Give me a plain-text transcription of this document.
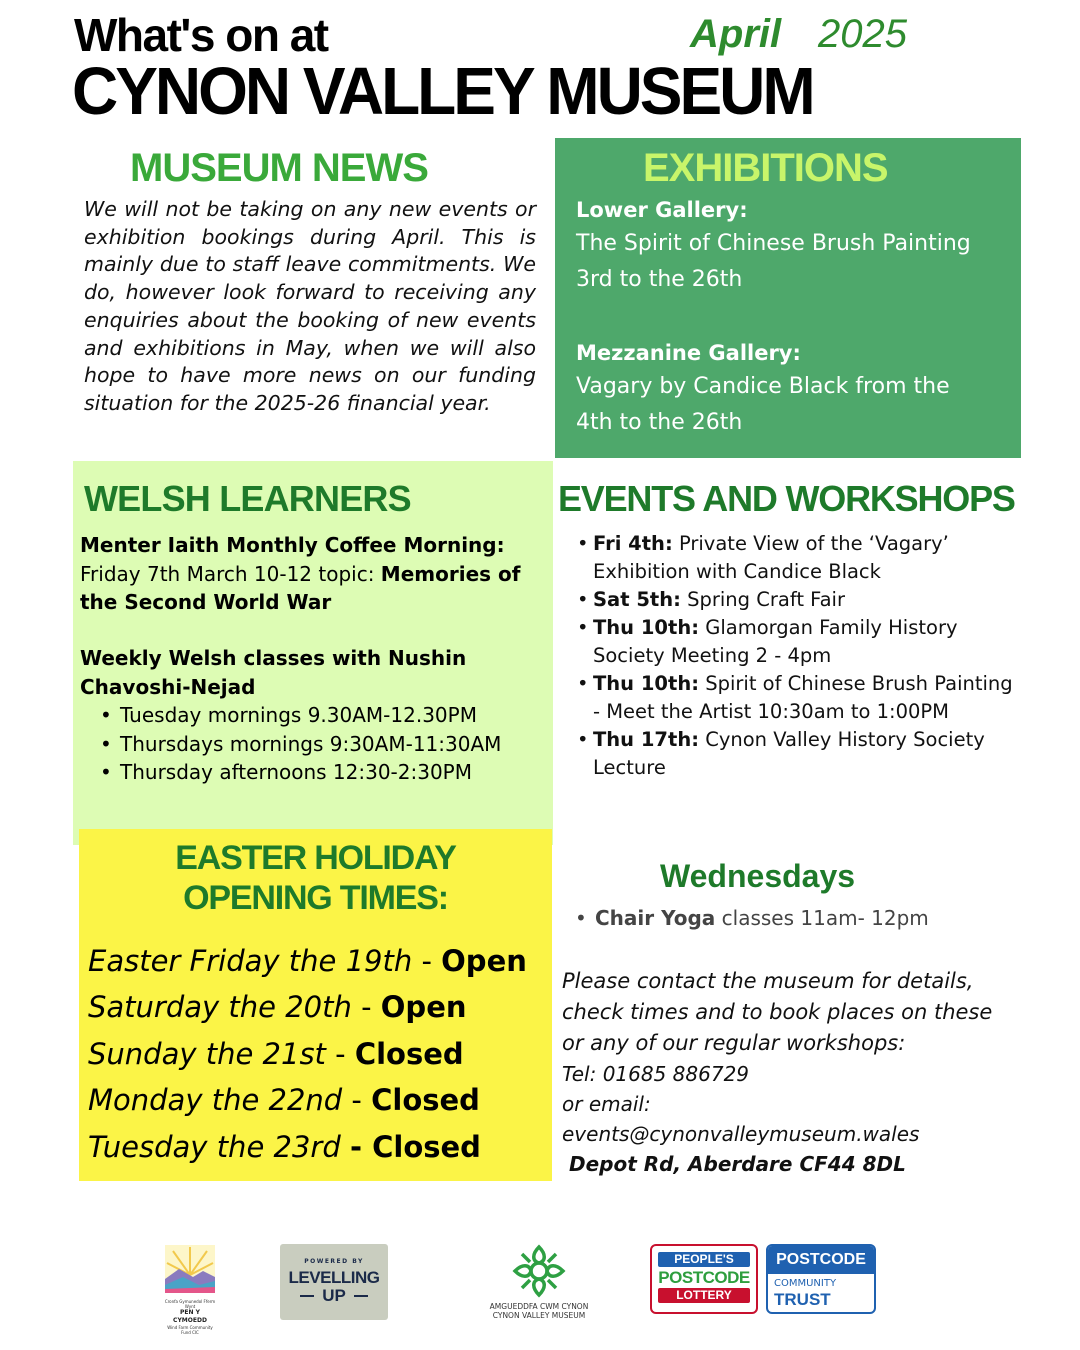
What's on at	April 2025
CYNON VALLEY MUSEUM
MUSEUM NEWS

We will not be taking on any new events or exhibition bookings during April. This is mainly due to staff leave commitments. We do, however look forward to receiving any enquiries about the booking of new events and exhibitions in May, when we will also hope to have more news on our funding situation for the 2025-26 financial year.

EXHIBITIONS
Lower Gallery:
The Spirit of Chinese Brush Painting
3rd to the 26th
Mezzanine Gallery:
Vagary by Candice Black from the
4th to the 26th
WELSH LEARNERS
Menter Iaith Monthly Coffee Morning: Friday 7th March 10-12 topic: Memories of the Second World War
Weekly Welsh classes with Nushin Chavoshi-Nejad
• Tuesday mornings 9.30AM-12.30PM
• Thursdays mornings 9:30AM-11:30AM
• Thursday afternoons 12:30-2:30PM
EVENTS AND WORKSHOPS
• Fri 4th: Private View of the ‘Vagary’ Exhibition with Candice Black
• Sat 5th: Spring Craft Fair
• Thu 10th: Glamorgan Family History Society Meeting 2 - 4pm
• Thu 10th: Spirit of Chinese Brush Painting - Meet the Artist 10:30am to 1:00PM
• Thu 17th: Cynon Valley History Society Lecture
EASTER HOLIDAY
OPENING TIMES:
Easter Friday the 19th - Open
Saturday the 20th - Open
Sunday the 21st - Closed
Monday the 22nd - Closed
Tuesday the 23rd - Closed
Wednesdays
• Chair Yoga classes 11am- 12pm
Please contact the museum for details, check times and to book places on these or any of our regular workshops:
Tel: 01685 886729
or email:
events@cynonvalleymuseum.wales
Depot Rd, Aberdare CF44 8DL
Cronfa Gymunedol Fferm Wynt
PEN Y CYMOEDD
Wind Farm Community Fund CIC
POWERED BY
LEVELLING
UP
AMGUEDDFA CWM CYNON
CYNON VALLEY MUSEUM
PEOPLE'S
POSTCODE
LOTTERY
POSTCODE
COMMUNITY
TRUST
